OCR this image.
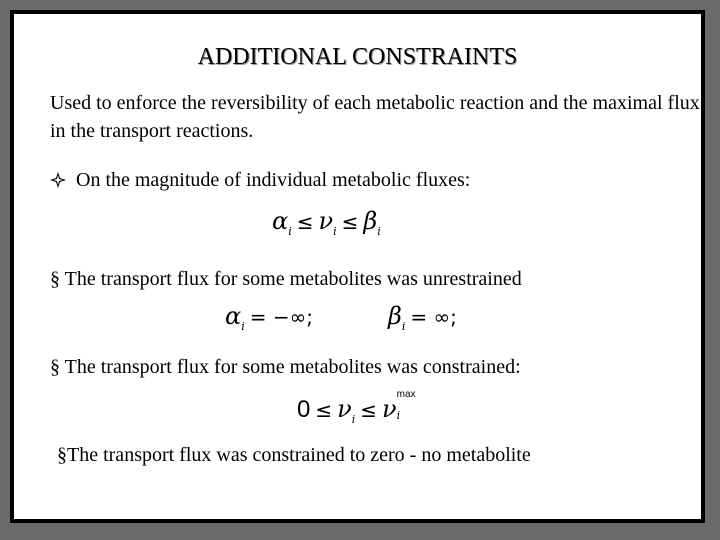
ADDITIONAL CONSTRAINTS
Used to enforce the reversibility of each metabolic reaction and the maximal flux in the transport reactions.
On the magnitude of individual metabolic fluxes:
$\alpha_i \le \nu_i \le \beta_i$
§ The transport flux for some metabolites was unrestrained
$\alpha_i$ = −∞;	$\beta_i$ = ∞;
§ The transport flux for some metabolites was constrained:
$0 \le \nu_i \le \nu$
max
i
§The transport flux was constrained to zero - no metabolite
